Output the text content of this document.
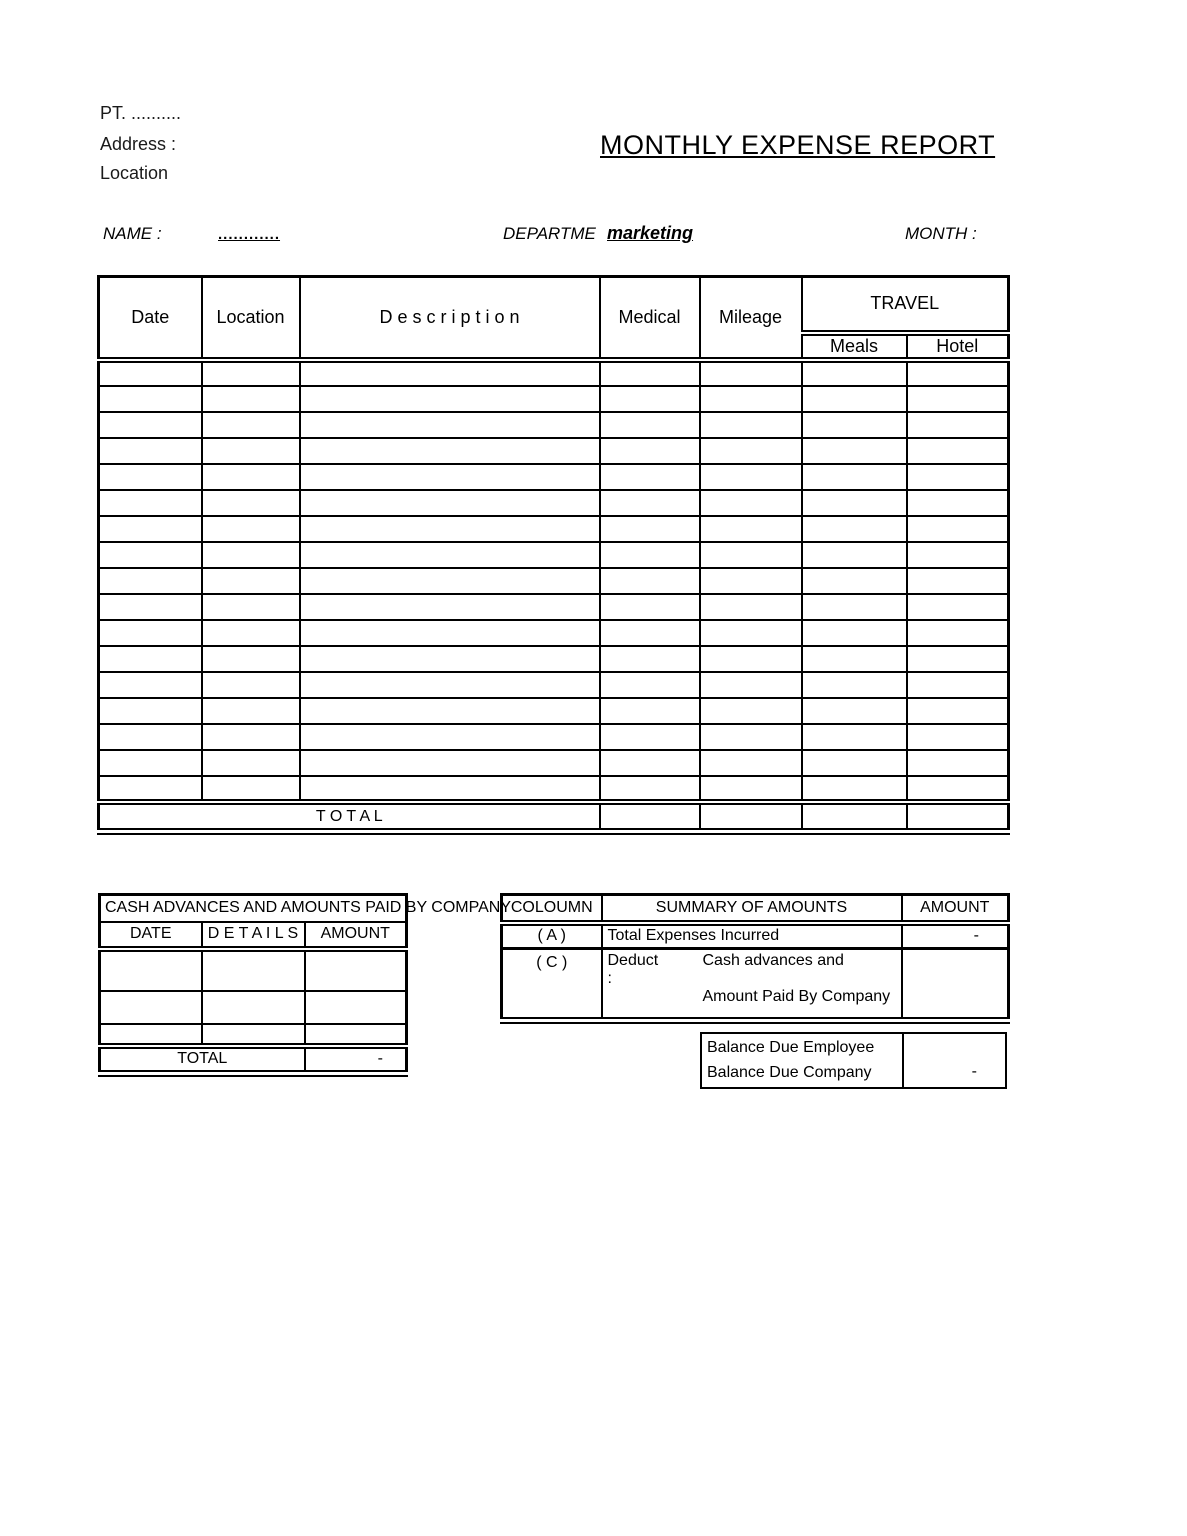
PT. ..........
Address :
Location
MONTHLY EXPENSE REPORT
NAME :	............	DEPARTME marketing	MONTH :
Date	Location	D e s c r i p t i o n	Medical	Mileage	TRAVEL	
					Meals	Hotel

T O T A L						
CASH ADVANCES AND AMOUNTS PAID BY COMPANY		
DATE	D E T A I L S	AMOUNT

TOTAL		-
COLOUMN	SUMMARY OF AMOUNTS	AMOUNT
( A )	Total Expenses Incurred	-
( C )	Deduct
:
Cash advances and
Amount Paid By Company	

Balance Due Employee
Balance Due Company	-
